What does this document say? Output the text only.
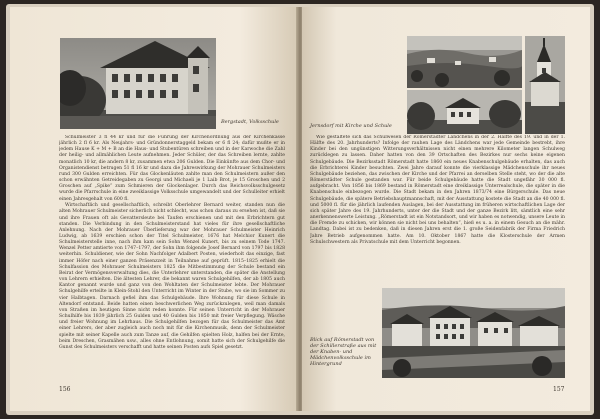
Bergstadt, Volksschule

Schulmeister 3 fl 44 kr und für die Führung der Kirchenordnung aus der Kirchenkasse jährlich 2 fl 6 kr. Als Neujahrs- und Gründonnerstaggeld bekam er 6 fl 24; dafür mußte er in jedem Hause K + M + B an die Haus- und Stubentüren schreiben und in der Karwoche die Zahl der heilig- und allmählichen Leute aufnehmen. Jeder Schüler, der das Schreiben lernte, zahlte monatlich 10 kr, die andern 8 kr, zusammen etwa 206 Gulden. Die Einkünfte aus dem Chor- und Organistendienst betrugen 51 fl 16 kr und dazu die Jahreswirkung der Mohrauer Schulmeisters rund 300 Gulden erreichten. Für das Glockenläuten zahlte man den Schulmeistern außer den schon erwähnten Getreidegaben zu Georgi und Michaeli je 1 Laib Brot, je 15 Groschen und 2 Groschen auf „Spike“ zum Schmieren der Glockenlager. Durch das Reichsvolksschulgesetz wurde die Pfarrschule in eine zweiklassige Volksschule umgewandelt und der Schulleiter erhielt einen Jahresgehalt von 600 fl.

Wirtschaftlich und gesellschaftlich, schreibt Oberlehrer Bernard weiter, standen nun die alten Mohrauer Schulmeister sicherlich nicht schlecht, was schon daraus zu ersehen ist, daß sie und ihre Frauen oft als Gevattersleute bei Taufen erschienen und mit den Erbrichtern gut standen. Die Verbindung in den Schulmeisterstand hat vieles für ihre gesellschaftliche Anlehnung. Nach der Mohrauer Überlieferung war der Mohrauer Schulmeister Heinrich Ludwig, ab 1639 erschien schon der Titel Schulmeister, 1676 hat Melchior Kunert die Schulmeisterstelle inne, nach ihm kam sein Sohn Wenzel Kunert, bis zu seinem Tode 1747. Wenzel Petter amtierte von 1747–1797, der Sohn ihm folgende Josef Bernard von 1797 bis 1828 weiterhin. Schuldiener, wie der Sohn Nachfolger Adalbert Posten, wiederholt das einzige, fast immer Höfer nach einer ganzen Präsenzzeit in Teilnahme auf geprüft. 1815–1825 erhielt die Schulfassion des Mohrauer Schulmeisters 1825 die Mitbestimmung der Schule bestand ein Beirat der Vermögensverwaltung dies, die Unterlehrer unterstanden, die später die Anstellung von Lehrern erhielten. Die ältesten Lehrer, die bekannt waren Schulgehilfen, der ab 1805 auch Kantor genannt wurde und ganz von den Wohltaten der Schulmeister lebte. Der Mohrauer Schulgehilfe erteilte in Klein-Stohl den Unterricht im Winter in der Stube, wo sie im Sommer zu vier Halbtagen. Darnach gefiel ihm das Schulgebäude. Ihre Wohnung für diese Schule in Altendorf entstand. Beide hatten einen beschwerlichen Weg zurückzulegen, weil man damals von Straßen im heutigen Sinne nicht reden konnte. Für seinen Unterricht in der Mohrauer Schulhilfe bis 1839 jährlich 25 Gulden und 40 Gulden bis 1850 mit freier Verpflegung. Wäsche und freier Wohnung im Lehrhaus. Die Schulgehilfen bezogen für das Schulmeister das Amt einer Lehrers, der aber zugleich auch noch mit für die Kirchenmusik, denn der Schulmeister spielte mit seiner Kapelle auch zum Tanze auf, die Gehilfen spielten Holz, halfen bei der Ernte, beim Dreschen, Grasmähen usw., alles ohne Entlohnung, somit hatte sich der Schulgehilfe die Gunst des Schulmeisters verschafft und hatte seinen Posten aufs Spiel gesetzt.

156
Jernsdorf mit Kirche und Schule

Wie gestaltete sich das Schulwesen der Römerstädter Ländchens in der 2. Hälfte des 19. und in der 1. Hälfte des 20. Jahrhunderts? Infolge der rauhen Lage des Ländchens war jede Gemeinde bestrebt, ihre Kinder bei den ungünstigen Witterungsverhältnissen nicht einen mehrere Kilometer langen Schulweg zurücklegen zu lassen. Daher hatten von den 39 Ortschaften des Bezirkes nur sechs keine eigenen Schulgebäude. Die Bezirksstadt Römerstadt hatte 1860 ein neues Knabenschulgebäude erhalten, das auch die Erbrichterei Kinder besuchten. Zwei Jahre darauf konnte die vierklassige Mädchenschule ihr neues Schulgebäude beziehen, das zwischen der Kirche und der Pfarrei an derselben Stelle steht, wo der die alte Römerstädter Schule gestanden war. Für beide Schulgebäude hatte die Stadt ungefähr 30 000 fl. aufgebracht. Von 1856 bis 1869 bestand in Römerstadt eine dreiklassige Unterrealschule, die später in die Knabenschule einbezogen wurde. Die Stadt bekam in den Jahren 1873/74 eine Bürgerschule. Das neue Schulgebäude, die spätere Betriebshauptmannschaft, mit der Ausstattung kostete die Stadt an die 40 000 fl. und 5000 fl. für die jährlich laufenden Auslagen, bei der Ausstattung im früheren wirtschaftlichen Lage der sich später Jahre des 19. Jahrhunderts, unter der die Stadt und der ganze Bezirk litt, sämtlich eine sehr anerkennenswerte Leistung. „Römerstadt ist ein Notstandsort, und wir haben es notwendig, unsere Leute in die Fremde zu schicken, wir können sie nicht bei uns behalten“, hieß es u. a. in einem Gesuch an die mähr. Landtag. Dabei ist zu bedenken, daß in diesen Jahren erst die 1. große Seidenfabrik der Firma Friedrich Jahre Betrieb aufgenommen hatte. Am 10. Oktober 1867 hatte die Klosterschule der Armen Schulschwestern als Privatschule mit dem Unterricht begonnen.

Blick auf Römerstadt von der Schillerstraße aus mit der Knaben- und Mädchenvolksschule im Hintergrund
157
